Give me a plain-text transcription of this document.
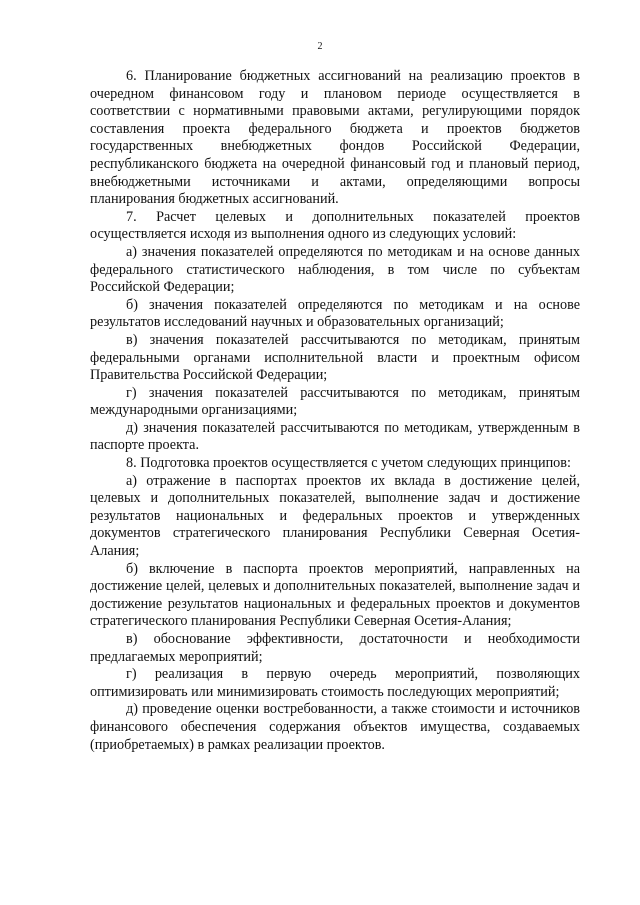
2

6. Планирование бюджетных ассигнований на реализацию проектов в очередном финансовом году и плановом периоде осуществляется в соответствии с нормативными правовыми актами, регулирующими порядок составления проекта федерального бюджета и проектов бюджетов государственных внебюджетных фондов Российской Федерации, республиканского бюджета на очередной финансовый год и плановый период, внебюджетными источниками и актами, определяющими вопросы планирования бюджетных ассигнований.

7. Расчет целевых и дополнительных показателей проектов осуществляется исходя из выполнения одного из следующих условий:

а) значения показателей определяются по методикам и на основе данных федерального статистического наблюдения, в том числе по субъектам Российской Федерации;

б) значения показателей определяются по методикам и на основе результатов исследований научных и образовательных организаций;

в) значения показателей рассчитываются по методикам, принятым федеральными органами исполнительной власти и проектным офисом Правительства Российской Федерации;

г) значения показателей рассчитываются по методикам, принятым международными организациями;

д) значения показателей рассчитываются по методикам, утвержденным в паспорте проекта.

8. Подготовка проектов осуществляется с учетом следующих принципов:

а) отражение в паспортах проектов их вклада в достижение целей, целевых и дополнительных показателей, выполнение задач и достижение результатов национальных и федеральных проектов и утвержденных документов стратегического планирования Республики Северная Осетия-Алания;

б) включение в паспорта проектов мероприятий, направленных на достижение целей, целевых и дополнительных показателей, выполнение задач и достижение результатов национальных и федеральных проектов и документов стратегического планирования Республики Северная Осетия-Алания;

в) обоснование эффективности, достаточности и необходимости предлагаемых мероприятий;

г) реализация в первую очередь мероприятий, позволяющих оптимизировать или минимизировать стоимость последующих мероприятий;

д) проведение оценки востребованности, а также стоимости и источников финансового обеспечения содержания объектов имущества, создаваемых (приобретаемых) в рамках реализации проектов.
